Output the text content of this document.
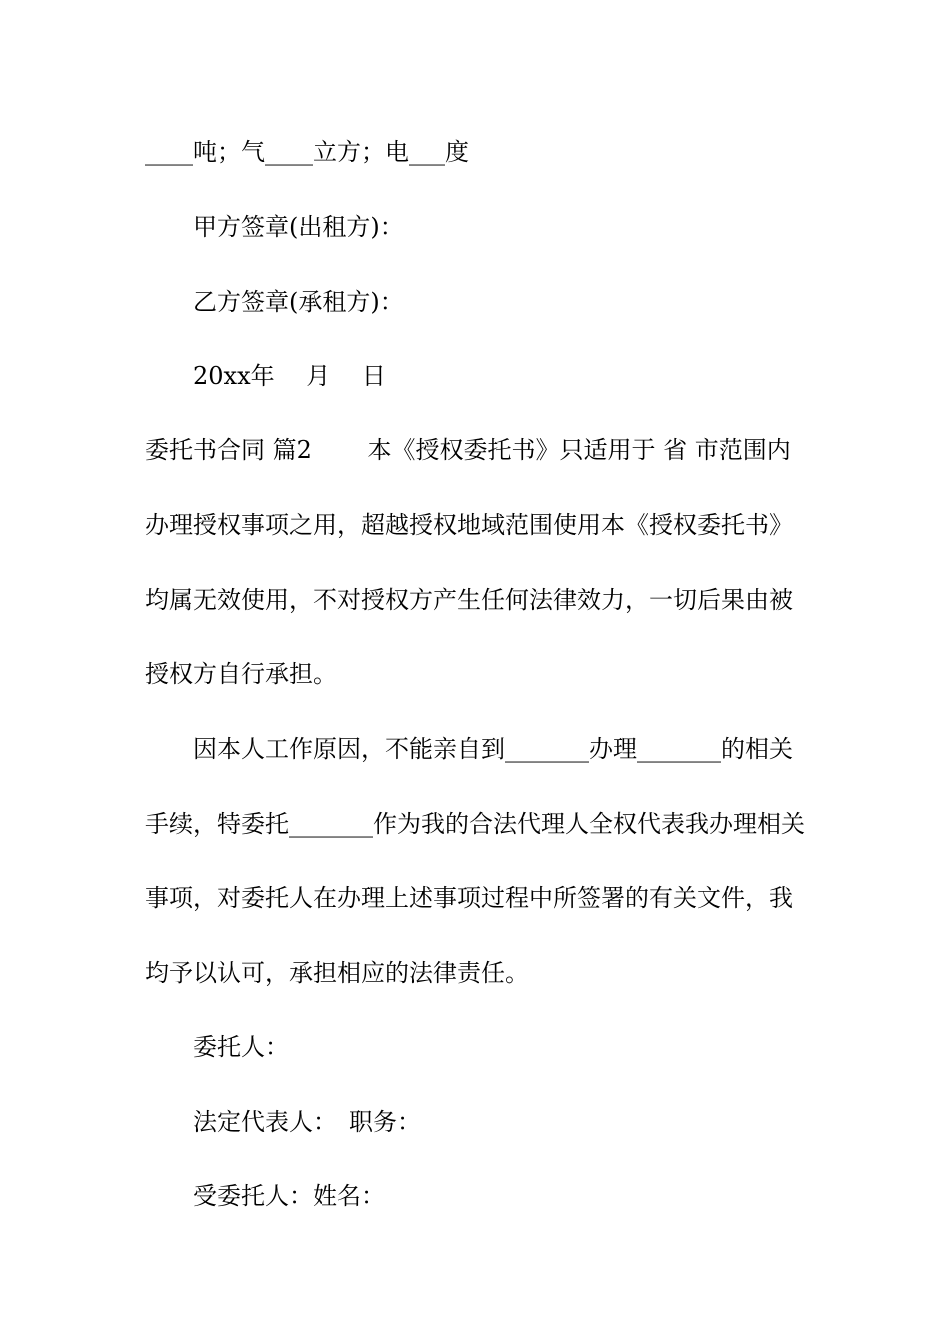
____吨；气____立方；电___度
甲方签章(出租方)：
乙方签章(承租方)：
20xx年　 月　 日
委托书合同 篇2　　 本《授权委托书》只适用于 省 市范围内
办理授权事项之用，超越授权地域范围使用本《授权委托书》
均属无效使用，不对授权方产生任何法律效力，一切后果由被
授权方自行承担。
因本人工作原因，不能亲自到_______办理_______的相关
手续，特委托_______作为我的合法代理人全权代表我办理相关
事项，对委托人在办理上述事项过程中所签署的有关文件，我
均予以认可，承担相应的法律责任。
委托人：
法定代表人：　职务：
受委托人：姓名：
